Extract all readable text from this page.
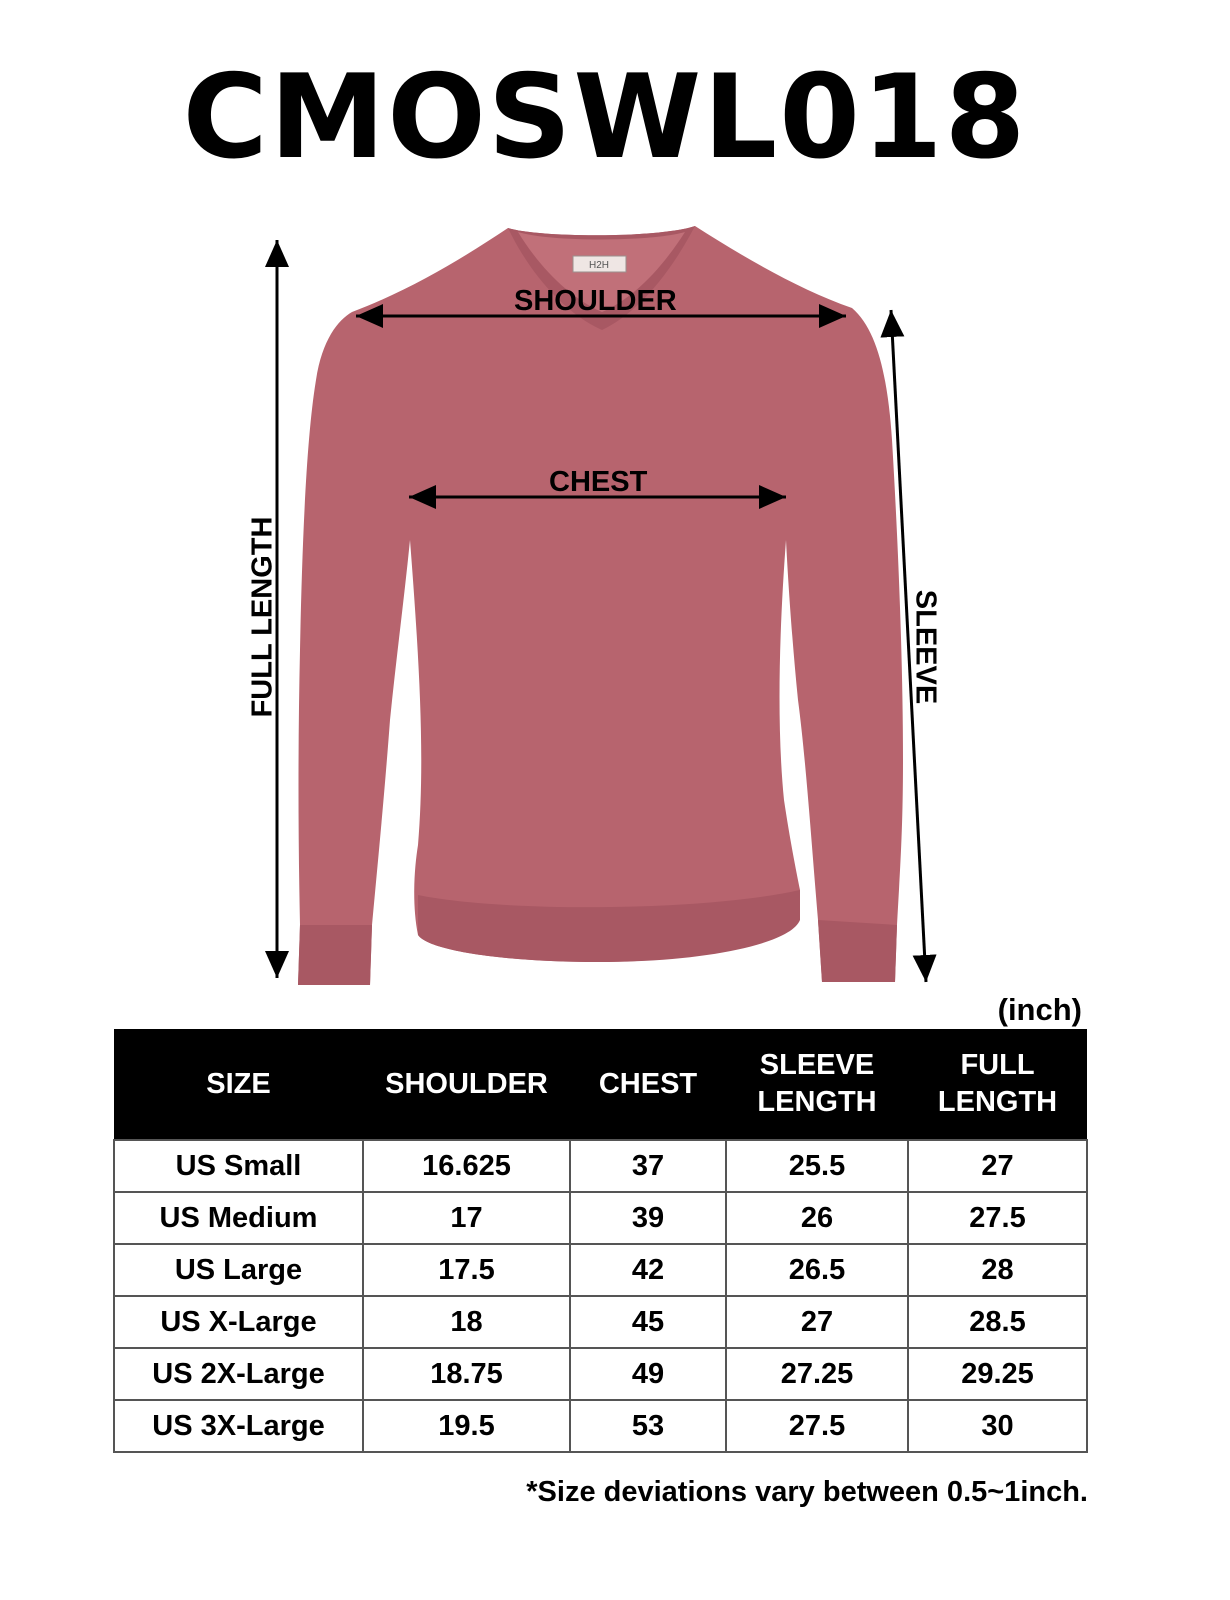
CMOSWL018
H2H
SHOULDER
CHEST
FULL LENGTH	SLEEVE
(inch)
SIZE	SHOULDER	CHEST	SLEEVE LENGTH	FULL LENGTH
US Small	16.625	37	25.5	27
US Medium	17	39	26	27.5
US Large	17.5	42	26.5	28
US X-Large	18	45	27	28.5
US 2X-Large	18.75	49	27.25	29.25
US 3X-Large	19.5	53	27.5	30
*Size deviations vary between 0.5~1inch.
